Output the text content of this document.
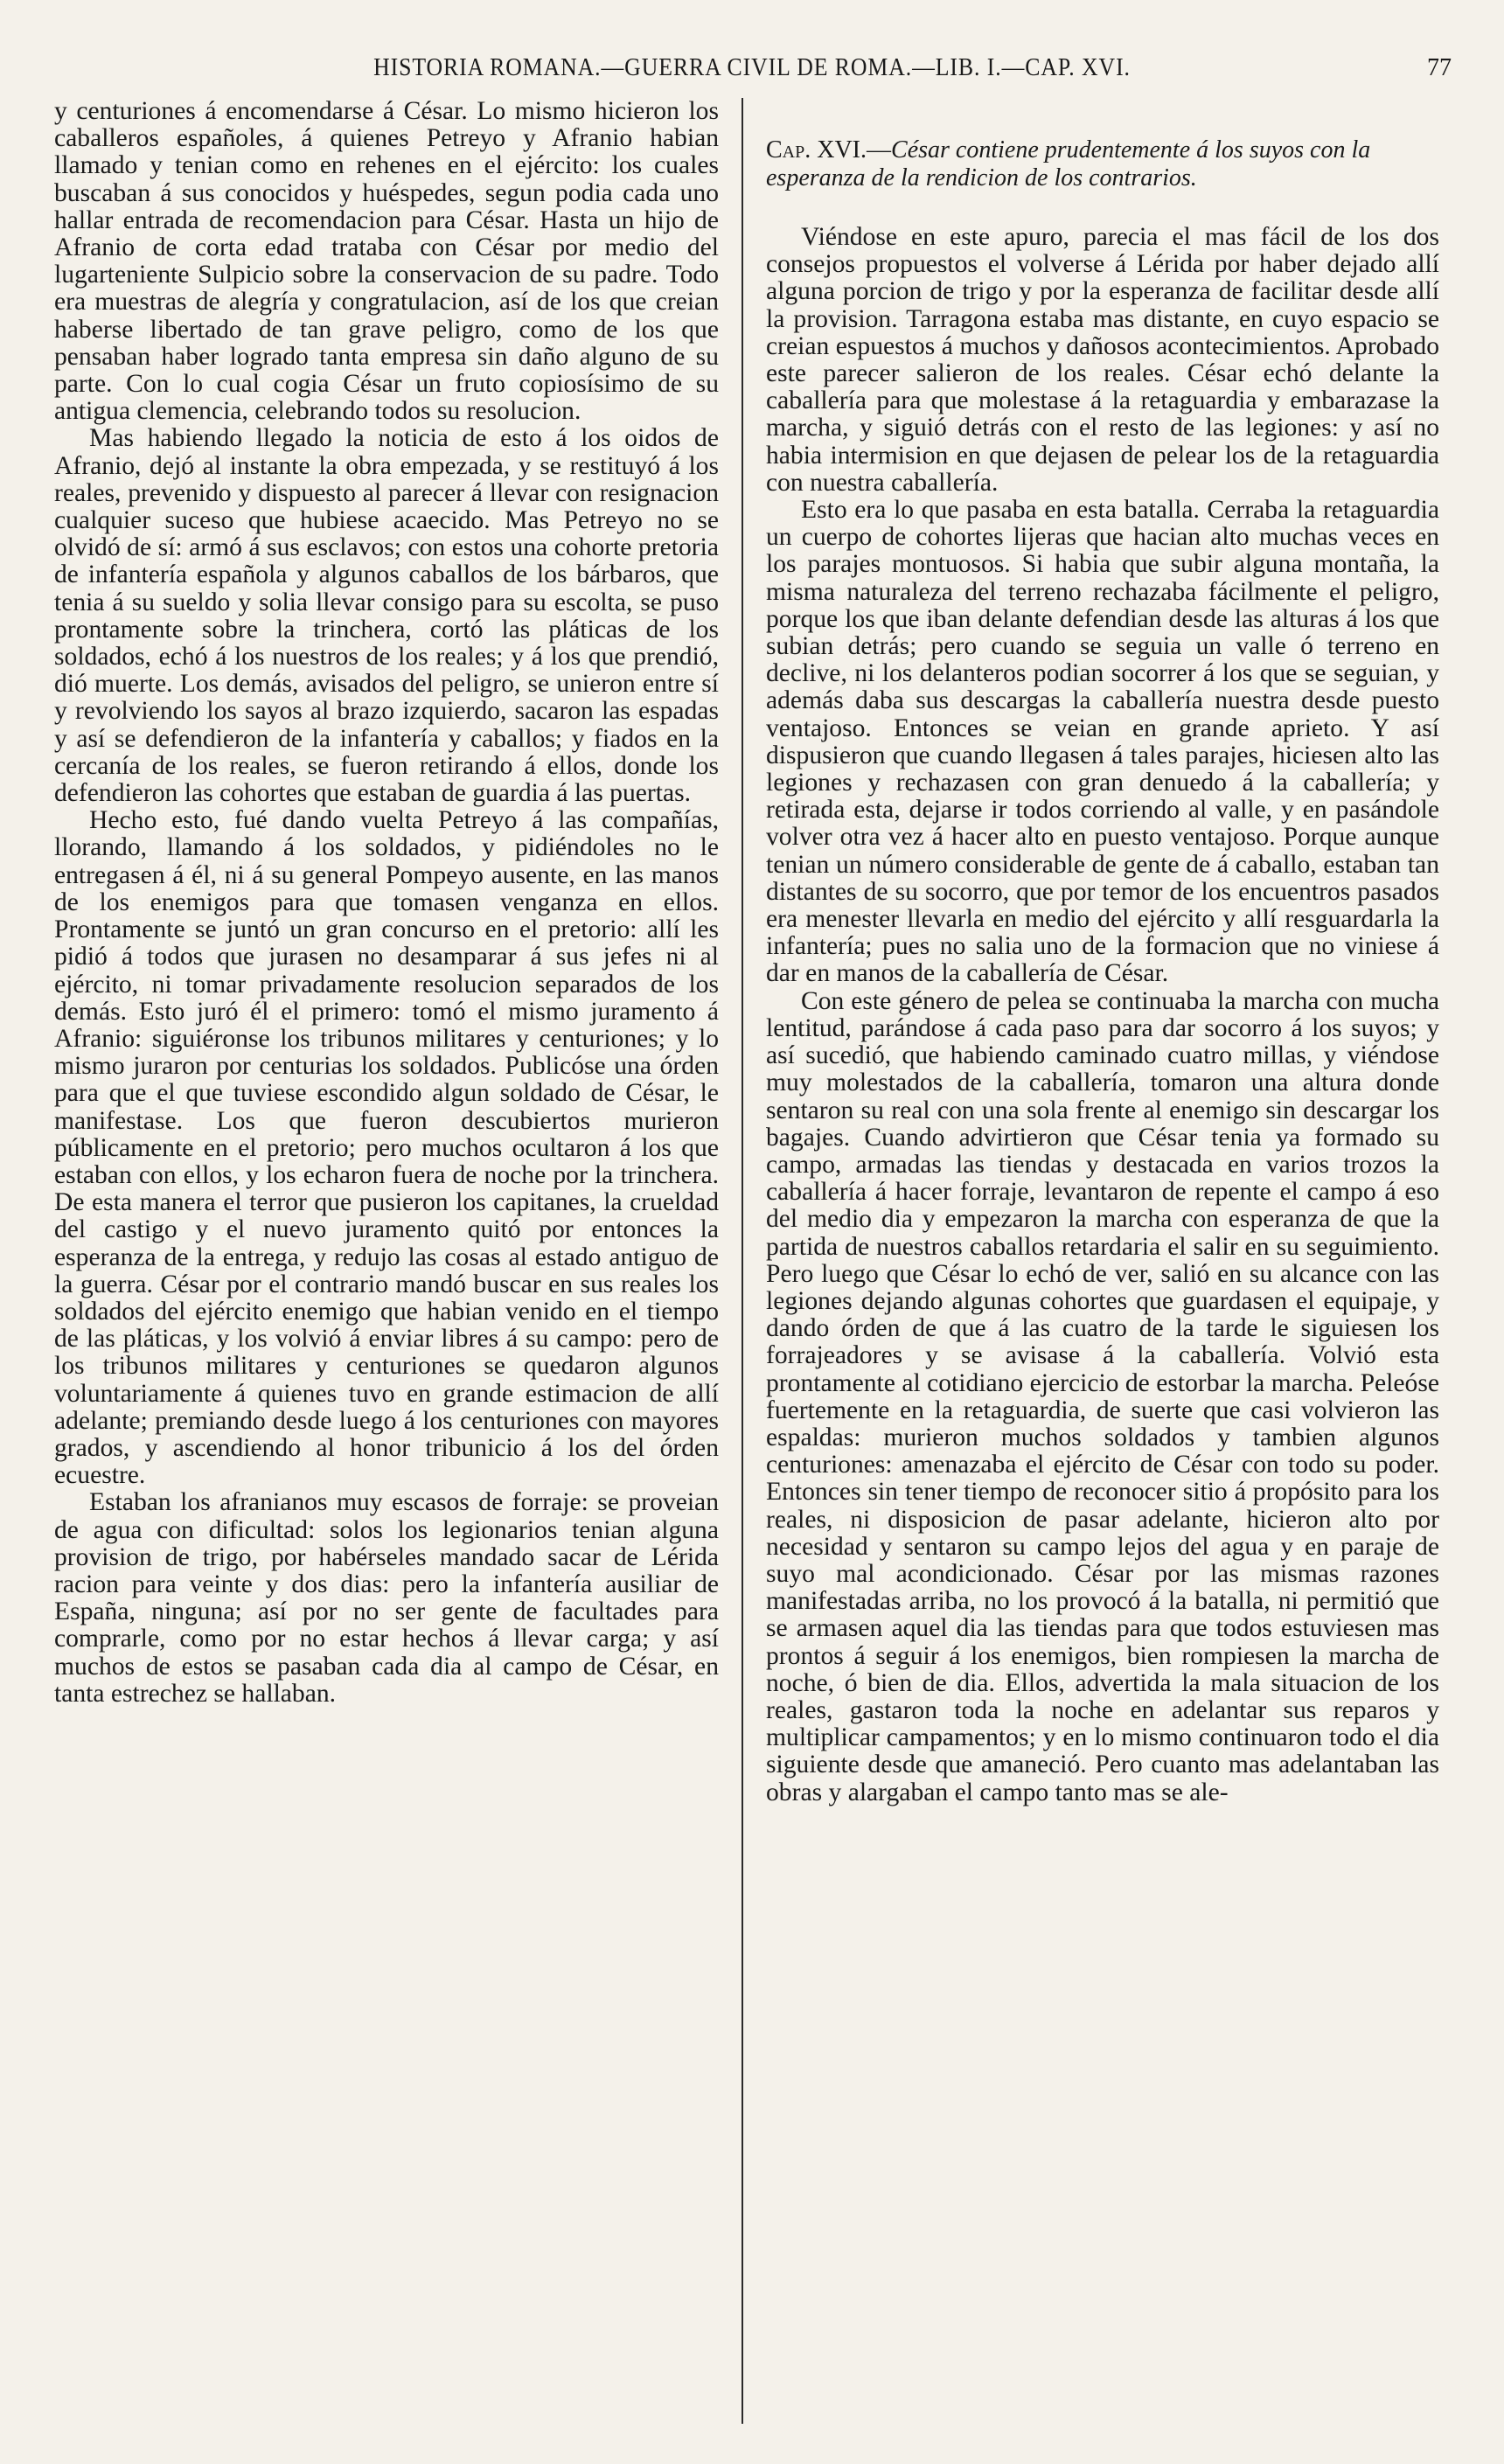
HISTORIA ROMANA.—GUERRA CIVIL DE ROMA.—LIB. I.—CAP. XVI.	77

y centuriones á encomendarse á César. Lo mismo hicieron los caballeros españoles, á quienes Petreyo y Afranio habian llamado y tenian como en rehenes en el ejército: los cuales buscaban á sus conocidos y huéspedes, segun podia cada uno hallar entrada de recomendacion para César. Hasta un hijo de Afranio de corta edad trataba con César por medio del lugarteniente Sulpicio sobre la conservacion de su padre. Todo era muestras de alegría y congratulacion, así de los que creian haberse libertado de tan grave peligro, como de los que pensaban haber logrado tanta empresa sin daño alguno de su parte. Con lo cual cogia César un fruto copiosísimo de su antigua clemencia, celebrando todos su resolucion.

Mas habiendo llegado la noticia de esto á los oidos de Afranio, dejó al instante la obra empezada, y se restituyó á los reales, prevenido y dispuesto al parecer á llevar con resignacion cualquier suceso que hubiese acaecido. Mas Petreyo no se olvidó de sí: armó á sus esclavos; con estos una cohorte pretoria de infantería española y algunos caballos de los bárbaros, que tenia á su sueldo y solia llevar consigo para su escolta, se puso prontamente sobre la trinchera, cortó las pláticas de los soldados, echó á los nuestros de los reales; y á los que prendió, dió muerte. Los demás, avisados del peligro, se unieron entre sí y revolviendo los sayos al brazo izquierdo, sacaron las espadas y así se defendieron de la infantería y caballos; y fiados en la cercanía de los reales, se fueron retirando á ellos, donde los defendieron las cohortes que estaban de guardia á las puertas.

Hecho esto, fué dando vuelta Petreyo á las compañías, llorando, llamando á los soldados, y pidiéndoles no le entregasen á él, ni á su general Pompeyo ausente, en las manos de los enemigos para que tomasen venganza en ellos. Prontamente se juntó un gran concurso en el pretorio: allí les pidió á todos que jurasen no desamparar á sus jefes ni al ejército, ni tomar privadamente resolucion separados de los demás. Esto juró él el primero: tomó el mismo juramento á Afranio: siguiéronse los tribunos militares y centuriones; y lo mismo juraron por centurias los soldados. Publicóse una órden para que el que tuviese escondido algun soldado de César, le manifestase. Los que fueron descubiertos murieron públicamente en el pretorio; pero muchos ocultaron á los que estaban con ellos, y los echaron fuera de noche por la trinchera. De esta manera el terror que pusieron los capitanes, la crueldad del castigo y el nuevo juramento quitó por entonces la esperanza de la entrega, y redujo las cosas al estado antiguo de la guerra. César por el contrario mandó buscar en sus reales los soldados del ejército enemigo que habian venido en el tiempo de las pláticas, y los volvió á enviar libres á su campo: pero de los tribunos militares y centuriones se quedaron algunos voluntariamente á quienes tuvo en grande estimacion de allí adelante; premiando desde luego á los centuriones con mayores grados, y ascendiendo al honor tribunicio á los del órden ecuestre.

Estaban los afranianos muy escasos de forraje: se proveian de agua con dificultad: solos los legionarios tenian alguna provision de trigo, por habérseles mandado sacar de Lérida racion para veinte y dos dias: pero la infantería ausiliar de España, ninguna; así por no ser gente de facultades para comprarle, como por no estar hechos á llevar carga; y así muchos de estos se pasaban cada dia al campo de César, en tanta estrechez se hallaban.

Cap. XVI.—César contiene prudentemente á los suyos con la esperanza de la rendicion de los contrarios.

Viéndose en este apuro, parecia el mas fácil de los dos consejos propuestos el volverse á Lérida por haber dejado allí alguna porcion de trigo y por la esperanza de facilitar desde allí la provision. Tarragona estaba mas distante, en cuyo espacio se creian espuestos á muchos y dañosos acontecimientos. Aprobado este parecer salieron de los reales. César echó delante la caballería para que molestase á la retaguardia y embarazase la marcha, y siguió detrás con el resto de las legiones: y así no habia intermision en que dejasen de pelear los de la retaguardia con nuestra caballería.

Esto era lo que pasaba en esta batalla. Cerraba la retaguardia un cuerpo de cohortes lijeras que hacian alto muchas veces en los parajes montuosos. Si habia que subir alguna montaña, la misma naturaleza del terreno rechazaba fácilmente el peligro, porque los que iban delante defendian desde las alturas á los que subian detrás; pero cuando se seguia un valle ó terreno en declive, ni los delanteros podian socorrer á los que se seguian, y además daba sus descargas la caballería nuestra desde puesto ventajoso. Entonces se veian en grande aprieto. Y así dispusieron que cuando llegasen á tales parajes, hiciesen alto las legiones y rechazasen con gran denuedo á la caballería; y retirada esta, dejarse ir todos corriendo al valle, y en pasándole volver otra vez á hacer alto en puesto ventajoso. Porque aunque tenian un número considerable de gente de á caballo, estaban tan distantes de su socorro, que por temor de los encuentros pasados era menester llevarla en medio del ejército y allí resguardarla la infantería; pues no salia uno de la formacion que no viniese á dar en manos de la caballería de César.

Con este género de pelea se continuaba la marcha con mucha lentitud, parándose á cada paso para dar socorro á los suyos; y así sucedió, que habiendo caminado cuatro millas, y viéndose muy molestados de la caballería, tomaron una altura donde sentaron su real con una sola frente al enemigo sin descargar los bagajes. Cuando advirtieron que César tenia ya formado su campo, armadas las tiendas y destacada en varios trozos la caballería á hacer forraje, levantaron de repente el campo á eso del medio dia y empezaron la marcha con esperanza de que la partida de nuestros caballos retardaria el salir en su seguimiento. Pero luego que César lo echó de ver, salió en su alcance con las legiones dejando algunas cohortes que guardasen el equipaje, y dando órden de que á las cuatro de la tarde le siguiesen los forrajeadores y se avisase á la caballería. Volvió esta prontamente al cotidiano ejercicio de estorbar la marcha. Peleóse fuertemente en la retaguardia, de suerte que casi volvieron las espaldas: murieron muchos soldados y tambien algunos centuriones: amenazaba el ejército de César con todo su poder. Entonces sin tener tiempo de reconocer sitio á propósito para los reales, ni disposicion de pasar adelante, hicieron alto por necesidad y sentaron su campo lejos del agua y en paraje de suyo mal acondicionado. César por las mismas razones manifestadas arriba, no los provocó á la batalla, ni permitió que se armasen aquel dia las tiendas para que todos estuviesen mas prontos á seguir á los enemigos, bien rompiesen la marcha de noche, ó bien de dia. Ellos, advertida la mala situacion de los reales, gastaron toda la noche en adelantar sus reparos y multiplicar campamentos; y en lo mismo continuaron todo el dia siguiente desde que amaneció. Pero cuanto mas adelantaban las obras y alargaban el campo tanto mas se ale-
